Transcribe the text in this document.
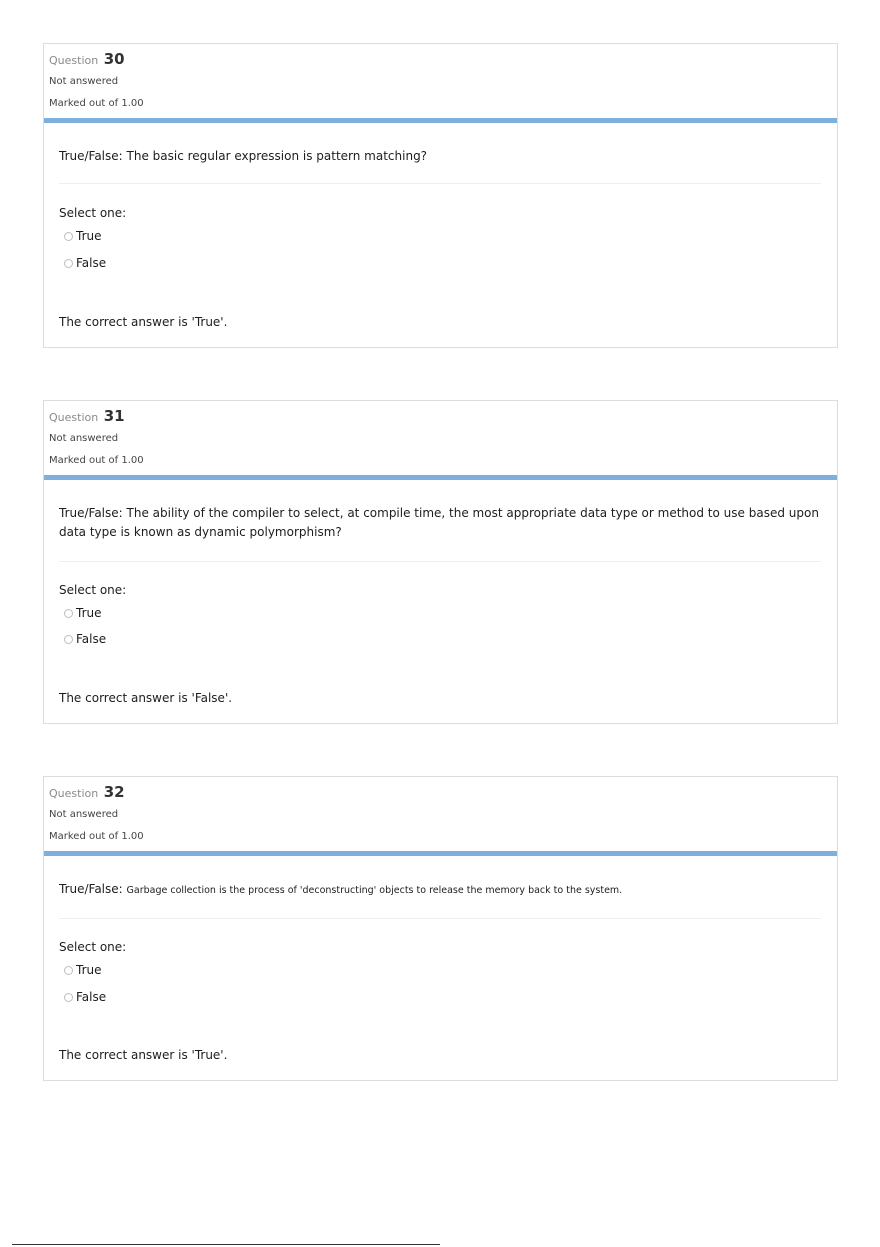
Question 30
Not answered
Marked out of 1.00
True/False: The basic regular expression is pattern matching?
Select one:
True
False
The correct answer is 'True'.
Question 31
Not answered
Marked out of 1.00
True/False: The ability of the compiler to select, at compile time, the most appropriate data type or method to use based upon data type is known as dynamic polymorphism?
Select one:
True
False
The correct answer is 'False'.
Question 32
Not answered
Marked out of 1.00
True/False: Garbage collection is the process of 'deconstructing' objects to release the memory back to the system.
Select one:
True
False
The correct answer is 'True'.
